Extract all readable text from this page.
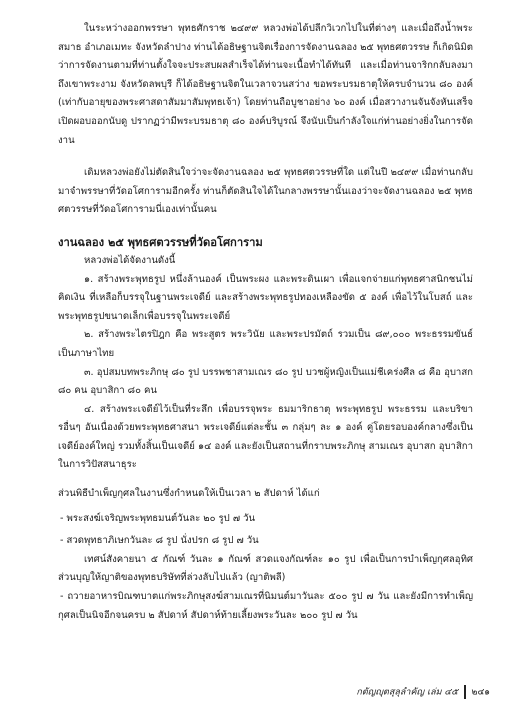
ในระหว่างออกพรรษา พุทธศักราช ๒๔๙๙ หลวงพ่อได้ปลีกวิเวกไปในที่ต่างๆ และเมื่อถึงน้ำพระสมาธ อำเภอเมทะ จังหวัดลำปาง ท่านได้อธิษฐานจิตเรื่องการจัดงานฉลอง ๒๕ พุทธศตวรรษ ก็เกิดนิมิตว่าการจัดงานตามที่ท่านตั้งใจจะประสบผลสำเร็จได้ท่านจะเนื้อทำได้ทันที และเมื่อท่านจาริกกลับลงมาถึงเขาพระงาม จังหวัดลพบุรี ก็ได้อธิษฐานจิตในเวลาจวนสว่าง ขอพระบรมธาตุให้ครบจำนวน ๘๐ องค์ (เท่ากับอายุของพระศาสดาสัมมาสัมพุทธเจ้า) โดยท่านถือบูชาอย่าง ๖๐ องค์ เมื่อสวางานจันจังหันเสร็จ เปิดผอบออกนับดู ปรากฏว่ามีพระบรมธาตุ ๘๐ องค์บริบูรณ์ จึงนับเป็นกำลังใจแก่ท่านอย่างยิ่งในการจัดงาน

เดิมหลวงพ่อยังไม่ตัดสินใจว่าจะจัดงานฉลอง ๒๕ พุทธศตวรรษที่ใด แต่ในปี ๒๔๙๙ เมื่อท่านกลับมาจำพรรษาที่วัดอโศการามอีกครั้ง ท่านก็ตัดสินใจได้ในกลางพรรษานั้นเองว่าจะจัดงานฉลอง ๒๕ พุทธศตวรรษที่วัดอโศการามนี่เองเท่านั้นคน

งานฉลอง ๒๕ พุทธศตวรรษที่วัดอโศการาม

หลวงพ่อได้จัดงานดังนี้

๑. สร้างพระพุทธรูป หนึ่งล้านองค์ เป็นพระผง และพระดินเผา เพื่อแจกจ่ายแก่พุทธศาสนิกชนไม่คิดเงิน ที่เหลือก็บรรจุในฐานพระเจดีย์ และสร้างพระพุทธรูปทองเหลืองขัด ๕ องค์ เพื่อไว้ในโบสถ์ และพระพุทธรูปขนาดเล็กเพื่อบรรจุในพระเจดีย์

๒. สร้างพระไตรปิฎก คือ พระสูตร พระวินัย และพระปรมัตถ์ รวมเป็น ๘๙,๐๐๐ พระธรรมขันธ์ เป็นภาษาไทย

๓. อุปสมบทพระภิกษุ ๘๐ รูป บรรพชาสามเณร ๘๐ รูป บวชผู้หญิงเป็นแม่ชีเคร่งศีล ๘ คือ อุบาสก ๘๐ คน อุบาสิกา ๘๐ คน

๔. สร้างพระเจดีย์ไว้เป็นที่ระลึก เพื่อบรรจุพระ ธมมาริกธาตุ พระพุทธรูป พระธรรม และบริขารอื่นๆ อันเนื่องด้วยพระพุทธศาสนา พระเจดีย์แต่ละชั้น ๓ กลุ่มๆ ละ ๑ องค์ คู่โดยรอบองค์กลางซึ่งเป็นเจดีย์องค์ใหญ่ รวมทั้งสิ้นเป็นเจดีย์ ๑๔ องค์ และยังเป็นสถานที่กราบพระภิกษุ สามเณร อุบาสก อุบาสิกา ในการวิปัสสนาธุระ

ส่วนพิธีบำเพ็ญกุศลในงานซึ่งกำหนดให้เป็นเวลา ๒ สัปดาห์ ได้แก่

- พระสงฆ์เจริญพระพุทธมนต์วันละ ๒๐ รูป ๗ วัน

- สวดพุทธาภิเษกวันละ ๘ รูป นั่งปรก ๘ รูป ๗ วัน

เทศน์สังคายนา ๕ กัณฑ์ วันละ ๑ กัณฑ์ สวดแจงกัณฑ์ละ ๑๐ รูป เพื่อเป็นการบำเพ็ญกุศลอุทิศส่วนบุญให้ญาติของพุทธบริษัทที่ล่วงลับไปแล้ว (ญาติพลี)

- ถวายอาหารบิณฑบาตแก่พระภิกษุสงฆ์สามเณรที่นิมนต์มาวันละ ๕๐๐ รูป ๗ วัน และยังมีการทำเพ็ญกุศลเป็นนิจอีกจนครบ ๒ สัปดาห์ สัปดาห์ท้ายเลี้ยงพระวันละ ๒๐๐ รูป ๗ วัน

กตัญญุตสุลุลำคัญ เล่ม ๔๕ ๒๔๑
